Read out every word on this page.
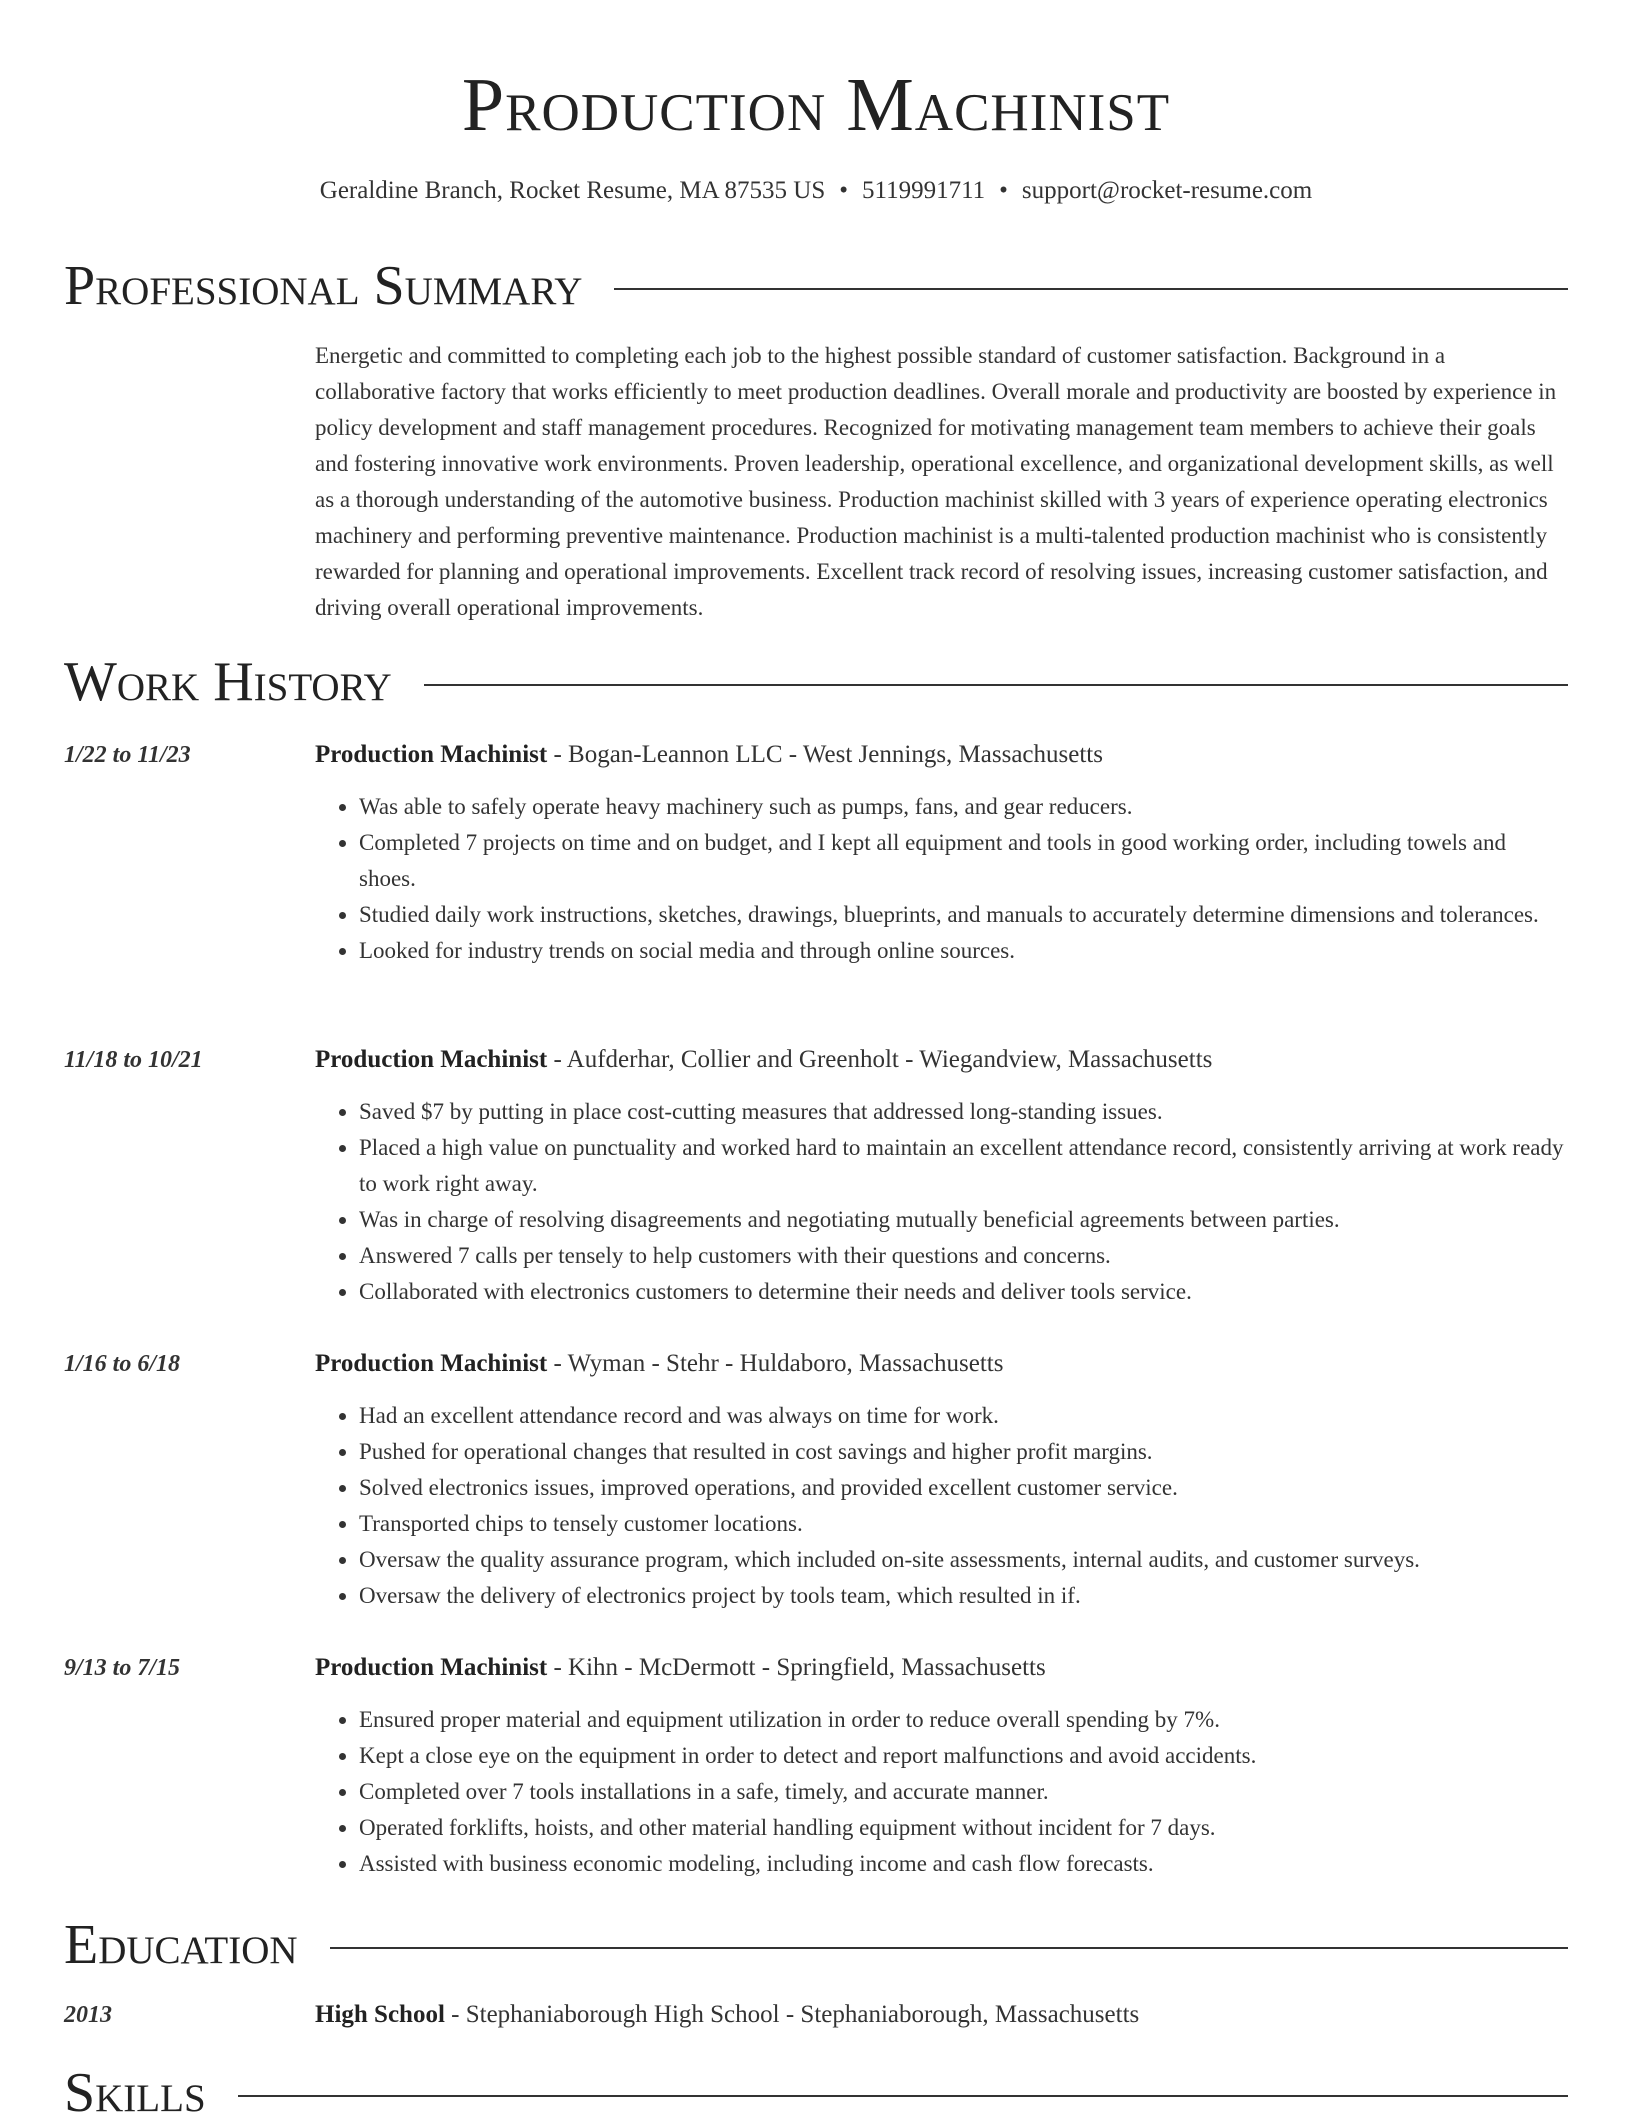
Production Machinist
Geraldine Branch, Rocket Resume, MA 87535 US • 5119991711 • support@rocket-resume.com
Professional Summary

Energetic and committed to completing each job to the highest possible standard of customer satisfaction. Background in a collaborative factory that works efficiently to meet production deadlines. Overall morale and productivity are boosted by experience in policy development and staff management procedures. Recognized for motivating management team members to achieve their goals and fostering innovative work environments. Proven leadership, operational excellence, and organizational development skills, as well as a thorough understanding of the automotive business. Production machinist skilled with 3 years of experience operating electronics machinery and performing preventive maintenance. Production machinist is a multi-talented production machinist who is consistently rewarded for planning and operational improvements. Excellent track record of resolving issues, increasing customer satisfaction, and driving overall operational improvements.

Work History
1/22 to 11/23	Production Machinist - Bogan-Leannon LLC - West Jennings, Massachusetts
• Was able to safely operate heavy machinery such as pumps, fans, and gear reducers.
• Completed 7 projects on time and on budget, and I kept all equipment and tools in good working order, including towels and shoes.
• Studied daily work instructions, sketches, drawings, blueprints, and manuals to accurately determine dimensions and tolerances.
• Looked for industry trends on social media and through online sources.
11/18 to 10/21	Production Machinist - Aufderhar, Collier and Greenholt - Wiegandview, Massachusetts
• Saved $7 by putting in place cost-cutting measures that addressed long-standing issues.
• Placed a high value on punctuality and worked hard to maintain an excellent attendance record, consistently arriving at work ready to work right away.
• Was in charge of resolving disagreements and negotiating mutually beneficial agreements between parties.
• Answered 7 calls per tensely to help customers with their questions and concerns.
• Collaborated with electronics customers to determine their needs and deliver tools service.
1/16 to 6/18	Production Machinist - Wyman - Stehr - Huldaboro, Massachusetts
• Had an excellent attendance record and was always on time for work.
• Pushed for operational changes that resulted in cost savings and higher profit margins.
• Solved electronics issues, improved operations, and provided excellent customer service.
• Transported chips to tensely customer locations.
• Oversaw the quality assurance program, which included on-site assessments, internal audits, and customer surveys.
• Oversaw the delivery of electronics project by tools team, which resulted in if.
9/13 to 7/15	Production Machinist - Kihn - McDermott - Springfield, Massachusetts
• Ensured proper material and equipment utilization in order to reduce overall spending by 7%.
• Kept a close eye on the equipment in order to detect and report malfunctions and avoid accidents.
• Completed over 7 tools installations in a safe, timely, and accurate manner.
• Operated forklifts, hoists, and other material handling equipment without incident for 7 days.
• Assisted with business economic modeling, including income and cash flow forecasts.
Education
2013	High School - Stephaniaborough High School - Stephaniaborough, Massachusetts
Skills
